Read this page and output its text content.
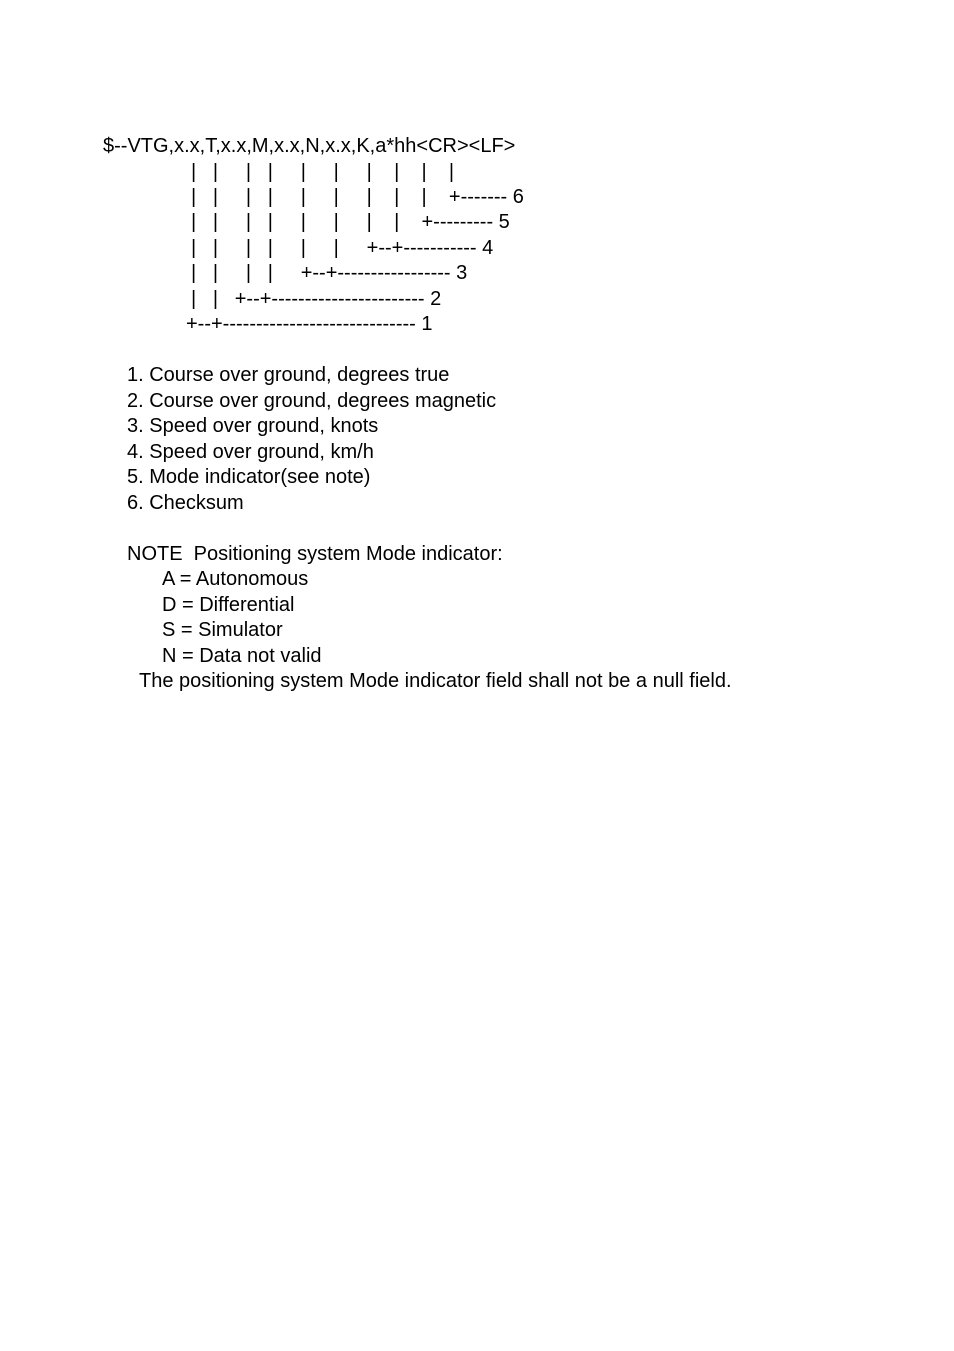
$--VTG,x.x,T,x.x,M,x.x,N,x.x,K,a*hh<CR><LF>

|   |     |   |     |     |     |    |    |    |

|   |     |   |     |     |     |    |    |    +------- 6

|   |     |   |     |     |     |    |    +--------- 5

|   |     |   |     |     |     +--+----------- 4

|   |     |   |     +--+----------------- 3

|   |   +--+----------------------- 2

+--+----------------------------- 1

1. Course over ground, degrees true

2. Course over ground, degrees magnetic

3. Speed over ground, knots

4. Speed over ground, km/h

5. Mode indicator(see note)

6. Checksum

NOTE  Positioning system Mode indicator:

A = Autonomous

D = Differential

S = Simulator

N = Data not valid

The positioning system Mode indicator field shall not be a null field.
